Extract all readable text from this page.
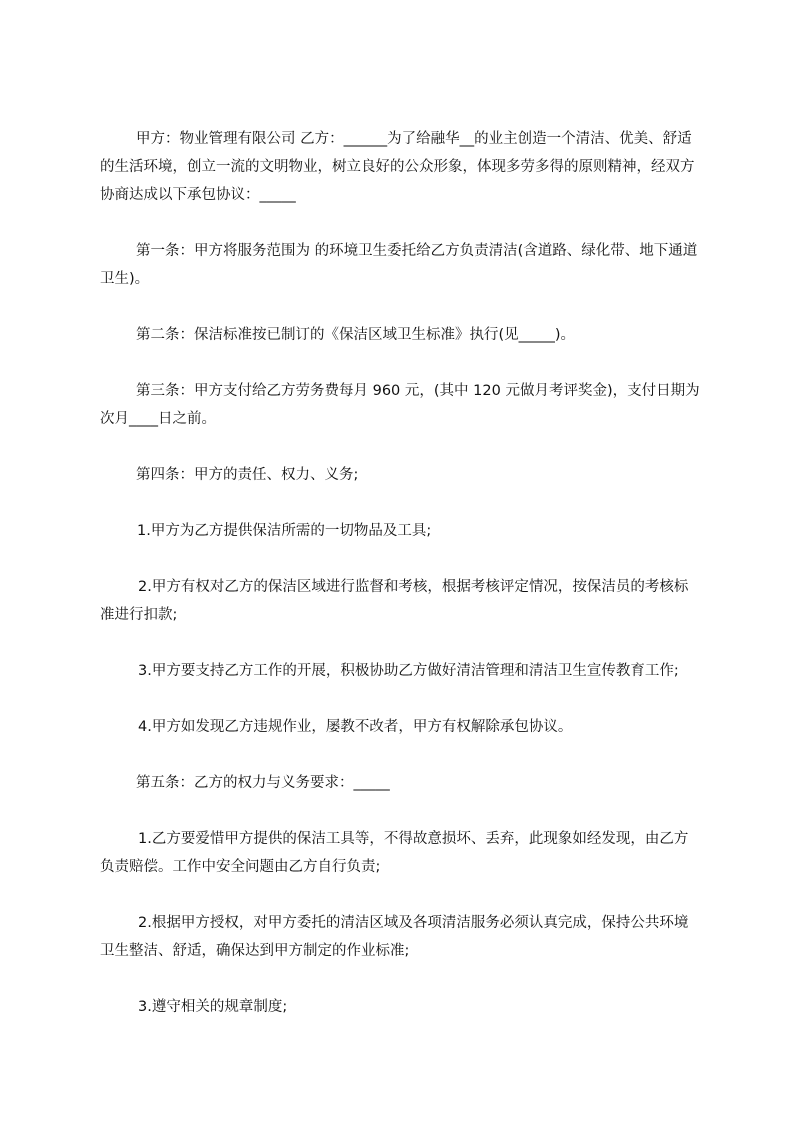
甲方：物业管理有限公司 乙方：______为了给融华__的业主创造一个清洁、优美、舒适的生活环境，创立一流的文明物业，树立良好的公众形象，体现多劳多得的原则精神，经双方协商达成以下承包协议：_____

第一条：甲方将服务范围为 的环境卫生委托给乙方负责清洁(含道路、绿化带、地下通道卫生)。

第二条：保洁标准按已制订的《保洁区域卫生标准》执行(见_____)。

第三条：甲方支付给乙方劳务费每月 960 元，(其中 120 元做月考评奖金)，支付日期为次月____日之前。

第四条：甲方的责任、权力、义务;

1.甲方为乙方提供保洁所需的一切物品及工具;

2.甲方有权对乙方的保洁区域进行监督和考核，根据考核评定情况，按保洁员的考核标准进行扣款;

3.甲方要支持乙方工作的开展，积极协助乙方做好清洁管理和清洁卫生宣传教育工作;

4.甲方如发现乙方违规作业，屡教不改者，甲方有权解除承包协议。

第五条：乙方的权力与义务要求：_____

1.乙方要爱惜甲方提供的保洁工具等，不得故意损坏、丢弃，此现象如经发现，由乙方负责赔偿。工作中安全问题由乙方自行负责;

2.根据甲方授权，对甲方委托的清洁区域及各项清洁服务必须认真完成，保持公共环境卫生整洁、舒适，确保达到甲方制定的作业标准;

3.遵守相关的规章制度;
